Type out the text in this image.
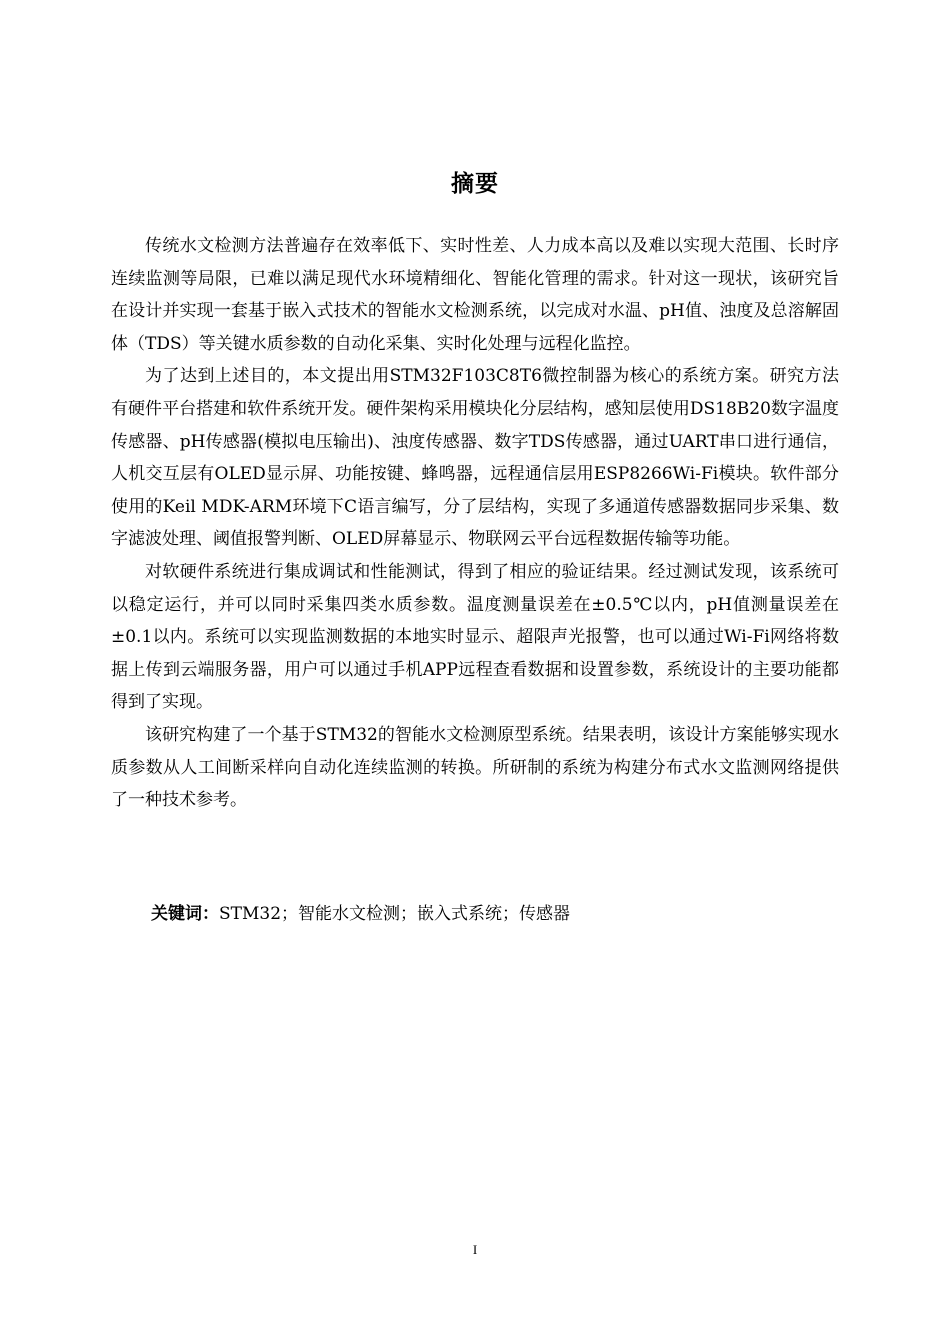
摘要

传统水文检测方法普遍存在效率低下、实时性差、人力成本高以及难以实现大范围、长时序连续监测等局限，已难以满足现代水环境精细化、智能化管理的需求。针对这一现状，该研究旨在设计并实现一套基于嵌入式技术的智能水文检测系统，以完成对水温、pH值、浊度及总溶解固体（TDS）等关键水质参数的自动化采集、实时化处理与远程化监控。

为了达到上述目的，本文提出用STM32F103C8T6微控制器为核心的系统方案。研究方法有硬件平台搭建和软件系统开发。硬件架构采用模块化分层结构，感知层使用DS18B20数字温度传感器、pH传感器(模拟电压输出)、浊度传感器、数字TDS传感器，通过UART串口进行通信，人机交互层有OLED显示屏、功能按键、蜂鸣器，远程通信层用ESP8266Wi-Fi模块。软件部分使用的Keil MDK-ARM环境下C语言编写，分了层结构，实现了多通道传感器数据同步采集、数字滤波处理、阈值报警判断、OLED屏幕显示、物联网云平台远程数据传输等功能。

对软硬件系统进行集成调试和性能测试，得到了相应的验证结果。经过测试发现，该系统可以稳定运行，并可以同时采集四类水质参数。温度测量误差在±0.5℃以内，pH值测量误差在±0.1以内。系统可以实现监测数据的本地实时显示、超限声光报警，也可以通过Wi-Fi网络将数据上传到云端服务器，用户可以通过手机APP远程查看数据和设置参数，系统设计的主要功能都得到了实现。

该研究构建了一个基于STM32的智能水文检测原型系统。结果表明，该设计方案能够实现水质参数从人工间断采样向自动化连续监测的转换。所研制的系统为构建分布式水文监测网络提供了一种技术参考。

关键词：STM32；智能水文检测；嵌入式系统；传感器

I
